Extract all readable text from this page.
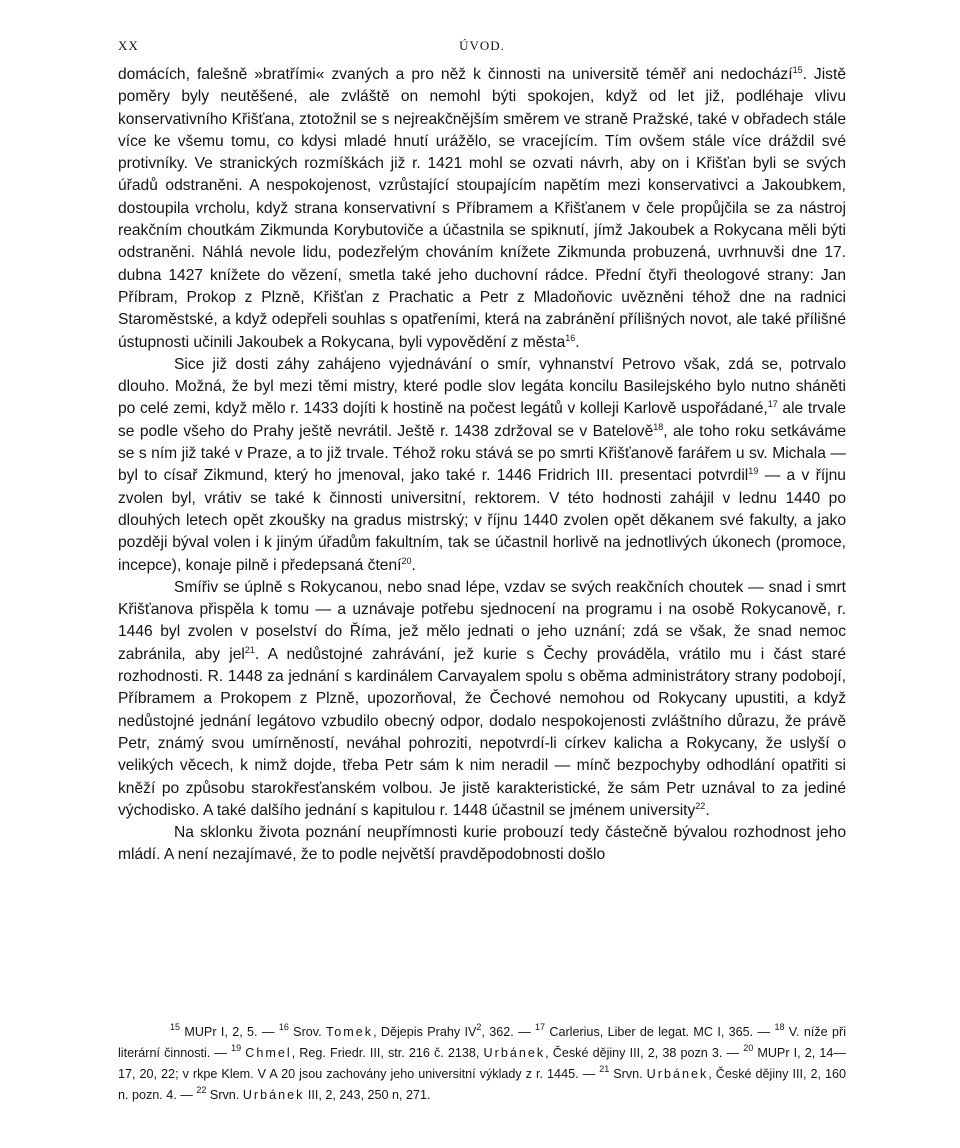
XX	ÚVOD.

domácích, falešně »bratřími« zvaných a pro něž k činnosti na universitě téměř ani nedochází$^{15}$. Jistě poměry byly neutěšené, ale zvláště on nemohl býti spokojen, když od let již, podléhaje vlivu konservativního Křišťana, ztotožnil se s nejreakčnějším směrem ve straně Pražské, také v obřadech stále více ke všemu tomu, co kdysi mladé hnutí urážělo, se vracejícím. Tím ovšem stále více dráždil své protivníky. Ve stranických rozmíškách již r. 1421 mohl se ozvati návrh, aby on i Křišťan byli se svých úřadů odstraněni. A nespokojenost, vzrůstající stoupajícím napětím mezi konservativci a Jakoubkem, dostoupila vrcholu, když strana konservativní s Příbramem a Křišťanem v čele propůjčila se za nástroj reakčním choutkám Zikmunda Korybutoviče a účastnila se spiknutí, jímž Jakoubek a Rokycana měli býti odstraněni. Náhlá nevole lidu, podezřelým chováním knížete Zikmunda probuzená, uvrhnuvši dne 17. dubna 1427 knížete do vězení, smetla také jeho duchovní rádce. Přední čtyři theologové strany: Jan Příbram, Prokop z Plzně, Křišťan z Prachatic a Petr z Mladoňovic uvězněni téhož dne na radnici Staroměstské, a když odepřeli souhlas s opatřeními, která na zabránění přílišných novot, ale také přílišné ústupnosti učinili Jakoubek a Rokycana, byli vypovědění z města$^{16}$.

Sice již dosti záhy zahájeno vyjednávání o smír, vyhnanství Petrovo však, zdá se, potrvalo dlouho. Možná, že byl mezi těmi mistry, které podle slov legáta koncilu Basilejského bylo nutno sháněti po celé zemi, když mělo r. 1433 dojíti k hostině na počest legátů v kolleji Karlově uspořádané,$^{17}$ ale trvale se podle všeho do Prahy ještě nevrátil. Ještě r. 1438 zdržoval se v Batelově$^{18}$, ale toho roku setkáváme se s ním již také v Praze, a to již trvale. Téhož roku stává se po smrti Křišťanově farářem u sv. Michala — byl to císař Zikmund, který ho jmenoval, jako také r. 1446 Fridrich III. presentaci potvrdil$^{19}$ — a v říjnu zvolen byl, vrátiv se také k činnosti universitní, rektorem. V této hodnosti zahájil v lednu 1440 po dlouhých letech opět zkoušky na gradus mistrský; v říjnu 1440 zvolen opět děkanem své fakulty, a jako později býval volen i k jiným úřadům fakultním, tak se účastnil horlivě na jednotlivých úkonech (promoce, incepce), konaje pilně i předepsaná čtení$^{20}$.

Smířiv se úplně s Rokycanou, nebo snad lépe, vzdav se svých reakčních choutek — snad i smrt Křišťanova přispěla k tomu — a uznávaje potřebu sjednocení na programu i na osobě Rokycanově, r. 1446 byl zvolen v poselství do Říma, jež mělo jednati o jeho uznání; zdá se však, že snad nemoc zabránila, aby jel$^{21}$. A nedůstojné zahrávání, jež kurie s Čechy prováděla, vrátilo mu i část staré rozhodnosti. R. 1448 za jednání s kardinálem Carvayalem spolu s oběma administrátory strany podobojí, Příbramem a Prokopem z Plzně, upozorňoval, že Čechové nemohou od Rokycany upustiti, a když nedůstojné jednání legátovo vzbudilo obecný odpor, dodalo nespokojenosti zvláštního důrazu, že právě Petr, známý svou umírněností, neváhal pohroziti, nepotvrdí-li církev kalicha a Rokycany, že uslyší o velikých věcech, k nimž dojde, třeba Petr sám k nim neradil — mínč bezpochyby odhodlání opatřiti si kněží po způsobu starokřesťanském volbou. Je jistě karakteristické, že sám Petr uznával to za jediné východisko. A také dalšího jednání s kapitulou r. 1448 účastnil se jménem university$^{22}$.

Na sklonku života poznání neupřímnosti kurie probouzí tedy částečně bývalou rozhodnost jeho mládí. A není nezajímavé, že to podle největší pravděpodobnosti došlo

$^{15}$ MUPr I, 2, 5. — $^{16}$ Srov. Tomek, Dějepis Prahy $IV^2$, 362. — $^{17}$ Carlerius, Liber de legat. MC I, 365. — $^{18}$ V. níže při literární činnosti. — $^{19}$ Chmel, Reg. Friedr. III, str. 216 č. 2138, Urbánek, České dějiny III, 2, 38 pozn 3. — $^{20}$ MUPr I, 2, 14—17, 20, 22; v rkpe Klem. V A 20 jsou zachovány jeho universitní výklady z r. 1445. — $^{21}$ Srvn. Urbánek, České dějiny III, 2, 160 n. pozn. 4. — $^{22}$ Srvn. Urbánek III, 2, 243, 250 n, 271.
